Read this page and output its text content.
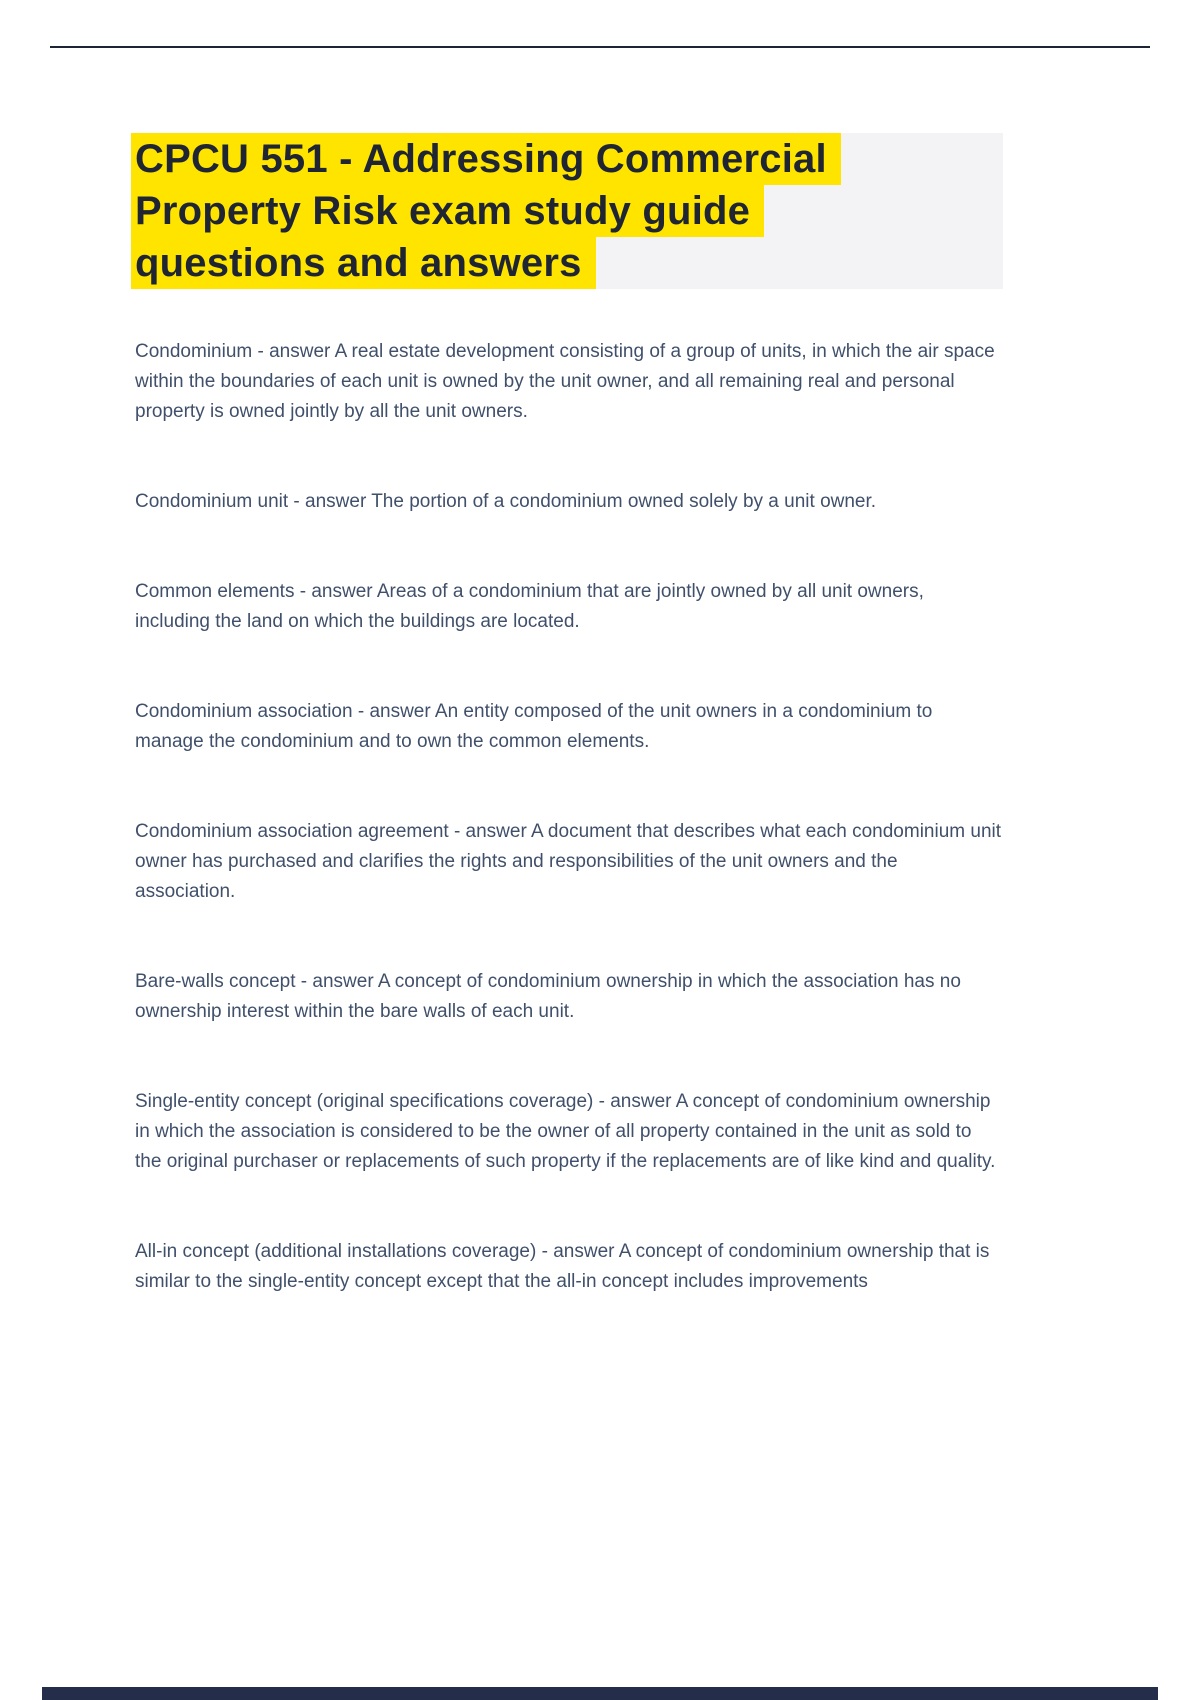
CPCU 551 - Addressing Commercial
Property Risk exam study guide
questions and answers

Condominium - answer A real estate development consisting of a group of units, in which the air space within the boundaries of each unit is owned by the unit owner, and all remaining real and personal property is owned jointly by all the unit owners.

Condominium unit - answer The portion of a condominium owned solely by a unit owner.

Common elements - answer Areas of a condominium that are jointly owned by all unit owners, including the land on which the buildings are located.

Condominium association - answer An entity composed of the unit owners in a condominium to manage the condominium and to own the common elements.

Condominium association agreement - answer A document that describes what each condominium unit owner has purchased and clarifies the rights and responsibilities of the unit owners and the association.

Bare-walls concept - answer A concept of condominium ownership in which the association has no ownership interest within the bare walls of each unit.

Single-entity concept (original specifications coverage) - answer A concept of condominium ownership in which the association is considered to be the owner of all property contained in the unit as sold to the original purchaser or replacements of such property if the replacements are of like kind and quality.

All-in concept (additional installations coverage) - answer A concept of condominium ownership that is similar to the single-entity concept except that the all-in concept includes improvements
